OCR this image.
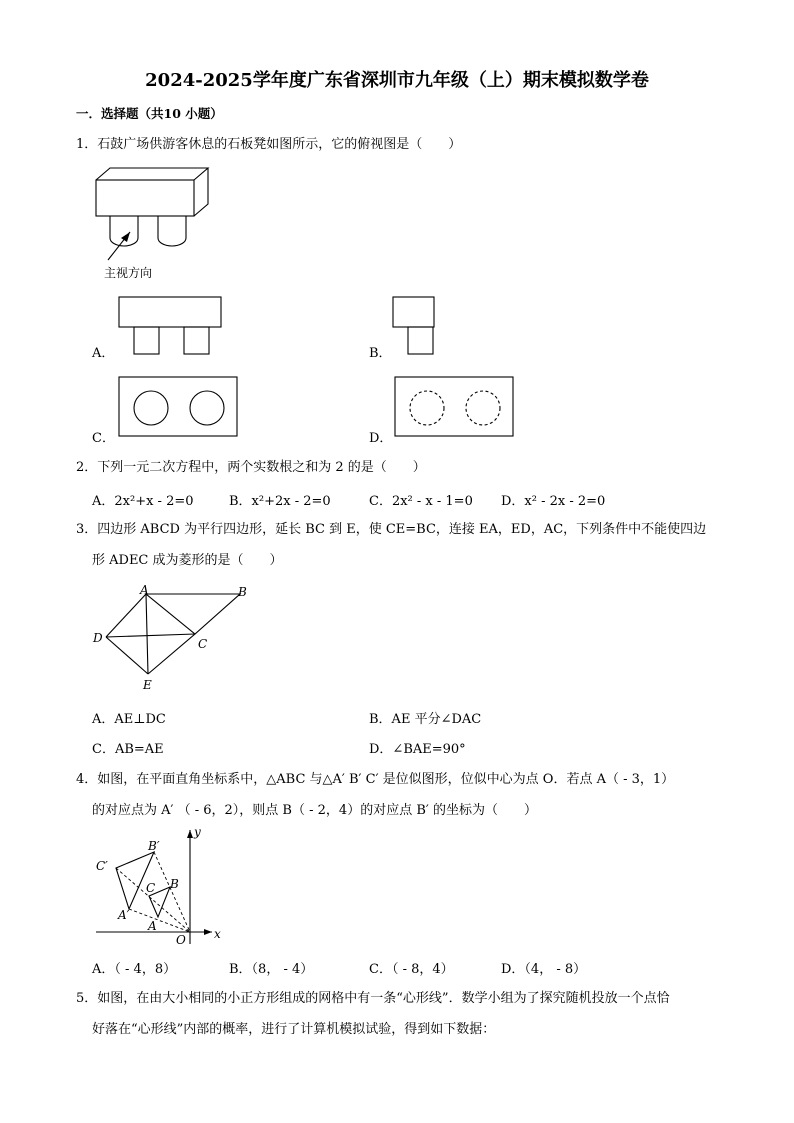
2024-2025学年度广东省深圳市九年级（上）期末模拟数学卷
一．选择题（共10 小题）
1．石鼓广场供游客休息的石板凳如图所示，它的俯视图是（　　）
主视方向
A．	B．
C．	D．
2．下列一元二次方程中，两个实数根之和为 2 的是（　　）
A．2x²+x - 2=0	B．x²+2x - 2=0	C．2x² - x - 1=0 D．x² - 2x - 2=0
3．四边形 ABCD 为平行四边形，延长 BC 到 E，使 CE=BC，连接 EA，ED，AC，下列条件中不能使四边
形 ADEC 成为菱形的是（　　）
A	B
C
D
E
A．AE⊥DC	B．AE 平分∠DAC
C．AB=AE	D．∠BAE=90°
4．如图，在平面直角坐标系中，△ABC 与△A′ B′ C′ 是位似图形，位似中心为点 O．若点 A（ - 3，1）
的对应点为 A′ （ - 6，2），则点 B（ - 2，4）的对应点 B′ 的坐标为（　　）
y
x
O
A
B
C
A′
B′
C′
A．（ - 4，8）	B．（8， - 4）	C．（ - 8，4）	D．（4， - 8）
5．如图，在由大小相同的小正方形组成的网格中有一条“心形线”．数学小组为了探究随机投放一个点恰
好落在“心形线”内部的概率，进行了计算机模拟试验，得到如下数据：
